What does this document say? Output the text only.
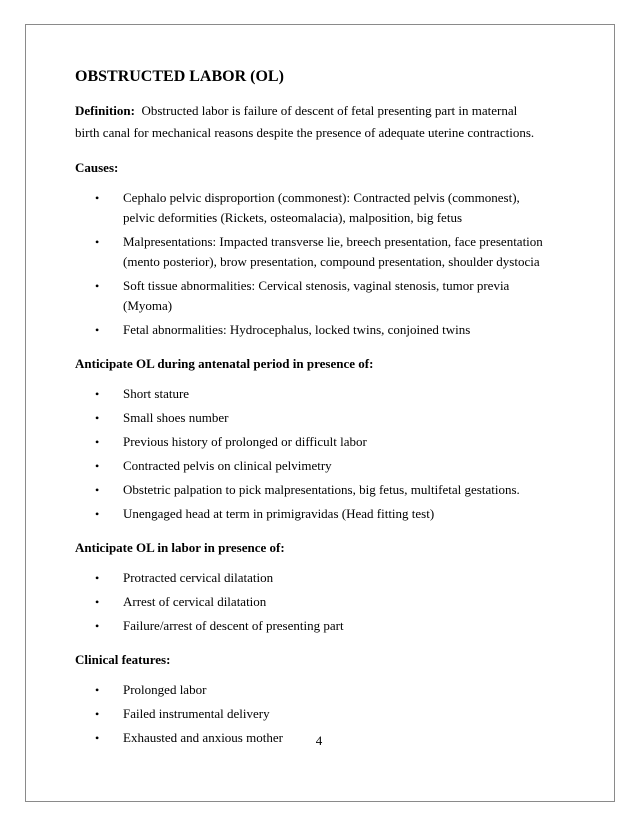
OBSTRUCTED LABOR (OL)
Definition: Obstructed labor is failure of descent of fetal presenting part in maternal birth canal for mechanical reasons despite the presence of adequate uterine contractions.
Causes:
• Cephalo pelvic disproportion (commonest): Contracted pelvis (commonest), pelvic deformities (Rickets, osteomalacia), malposition, big fetus
• Malpresentations: Impacted transverse lie, breech presentation, face presentation (mento posterior), brow presentation, compound presentation, shoulder dystocia
• Soft tissue abnormalities: Cervical stenosis, vaginal stenosis, tumor previa (Myoma)
• Fetal abnormalities: Hydrocephalus, locked twins, conjoined twins
Anticipate OL during antenatal period in presence of:
• Short stature
• Small shoes number
• Previous history of prolonged or difficult labor
• Contracted pelvis on clinical pelvimetry
• Obstetric palpation to pick malpresentations, big fetus, multifetal gestations.
• Unengaged head at term in primigravidas (Head fitting test)
Anticipate OL in labor in presence of:
• Protracted cervical dilatation
• Arrest of cervical dilatation
• Failure/arrest of descent of presenting part
Clinical features:
• Prolonged labor
• Failed instrumental delivery
• Exhausted and anxious mother	4
